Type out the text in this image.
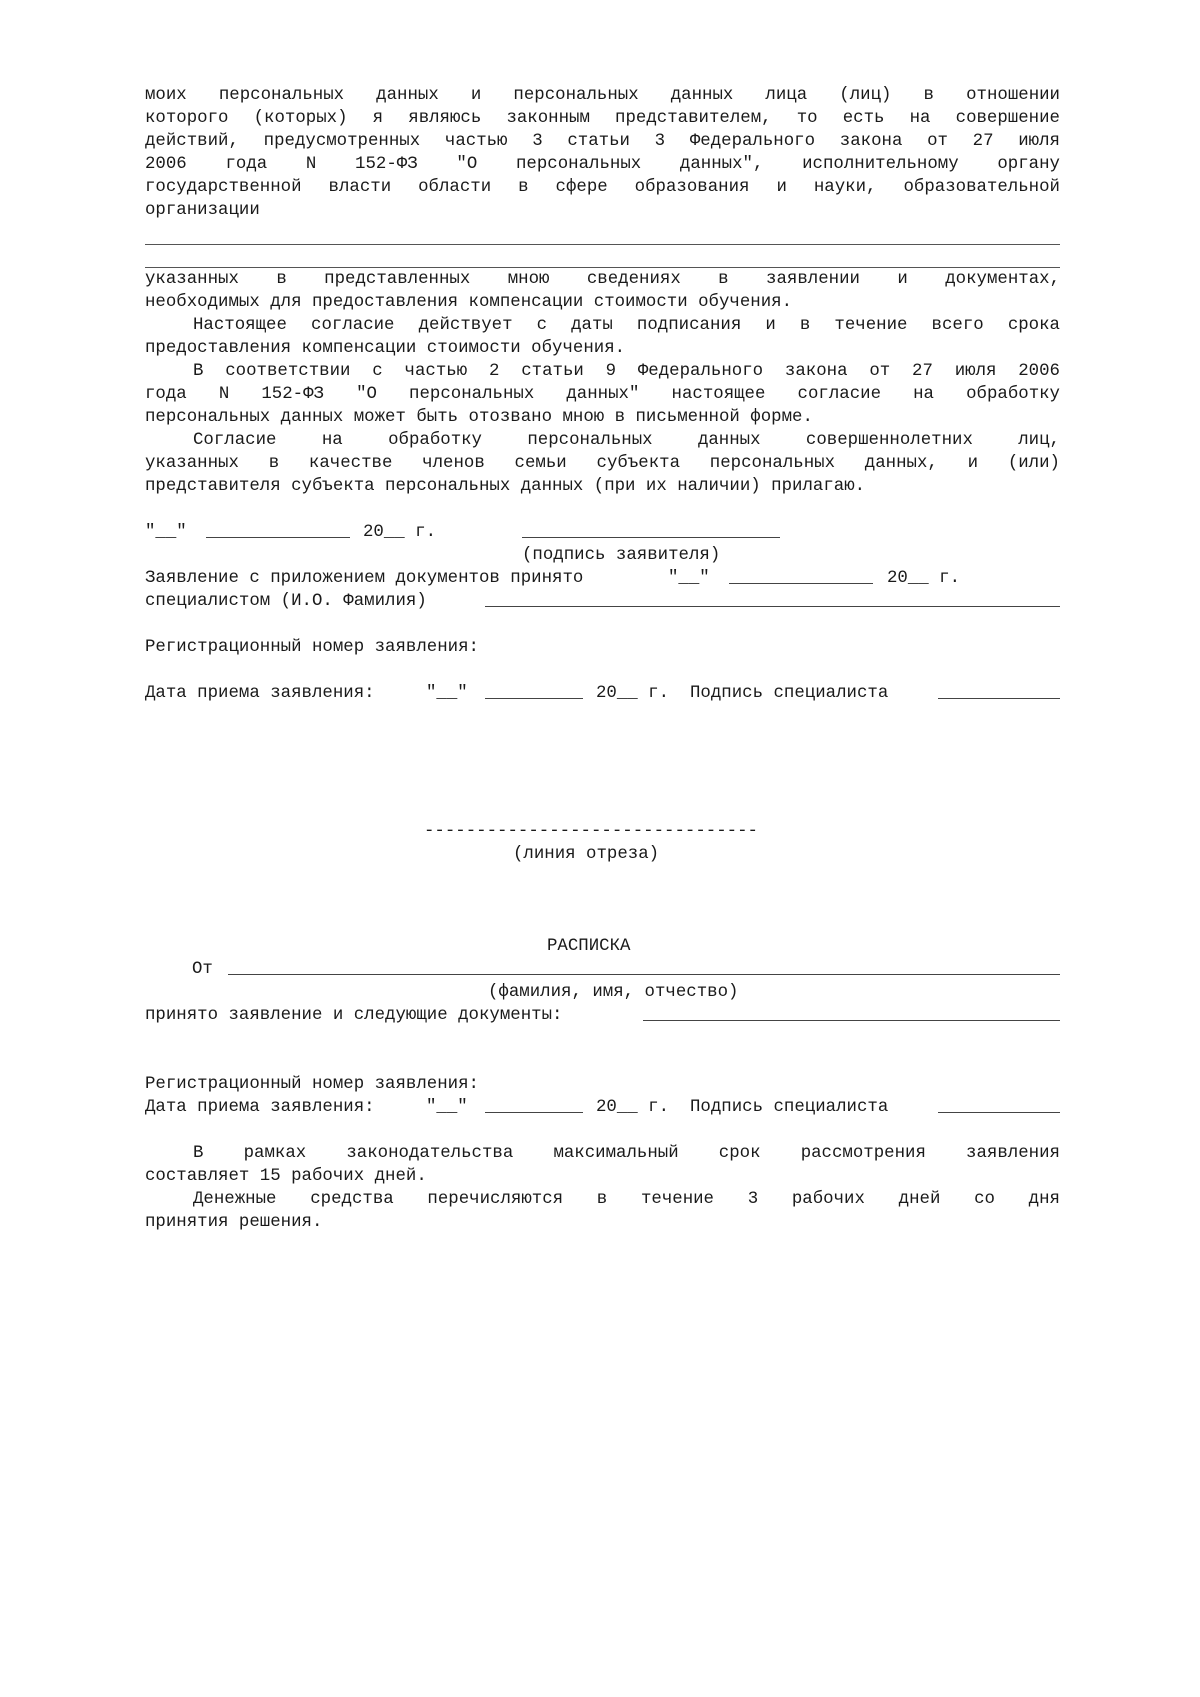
моих персональных данных и персональных данных лица (лиц) в отношении
которого (которых) я являюсь законным представителем, то есть на совершение
действий, предусмотренных частью 3 статьи 3 Федерального закона от 27 июля
2006 года N 152-ФЗ "О персональных данных", исполнительному органу
государственной власти области в сфере образования и науки, образовательной
организации
указанных в представленных мною сведениях в заявлении и документах,
необходимых для предоставления компенсации стоимости обучения.
Настоящее согласие действует с даты подписания и в течение всего срока
предоставления компенсации стоимости обучения.
В соответствии с частью 2 статьи 9 Федерального закона от 27 июля 2006
года N 152-ФЗ "О персональных данных" настоящее согласие на обработку
персональных данных может быть отозвано мною в письменной форме.
Согласие на обработку персональных данных совершеннолетних лиц,
указанных в качестве членов семьи субъекта персональных данных, и (или)
представителя субъекта персональных данных (при их наличии) прилагаю.
"__"	20__ г.
(подпись заявителя)
Заявление с приложением документов принято	"__"	20__ г.
специалистом (И.О. Фамилия)
Регистрационный номер заявления:
Дата приема заявления:	"__"	20__ г. Подпись специалиста
--------------------------------
(линия отреза)
РАСПИСКА
От
(фамилия, имя, отчество)
принято заявление и следующие документы:
Регистрационный номер заявления:
Дата приема заявления:	"__"	20__ г. Подпись специалиста
В рамках законодательства максимальный срок рассмотрения заявления
составляет 15 рабочих дней.
Денежные средства перечисляются в течение 3 рабочих дней со дня
принятия решения.
